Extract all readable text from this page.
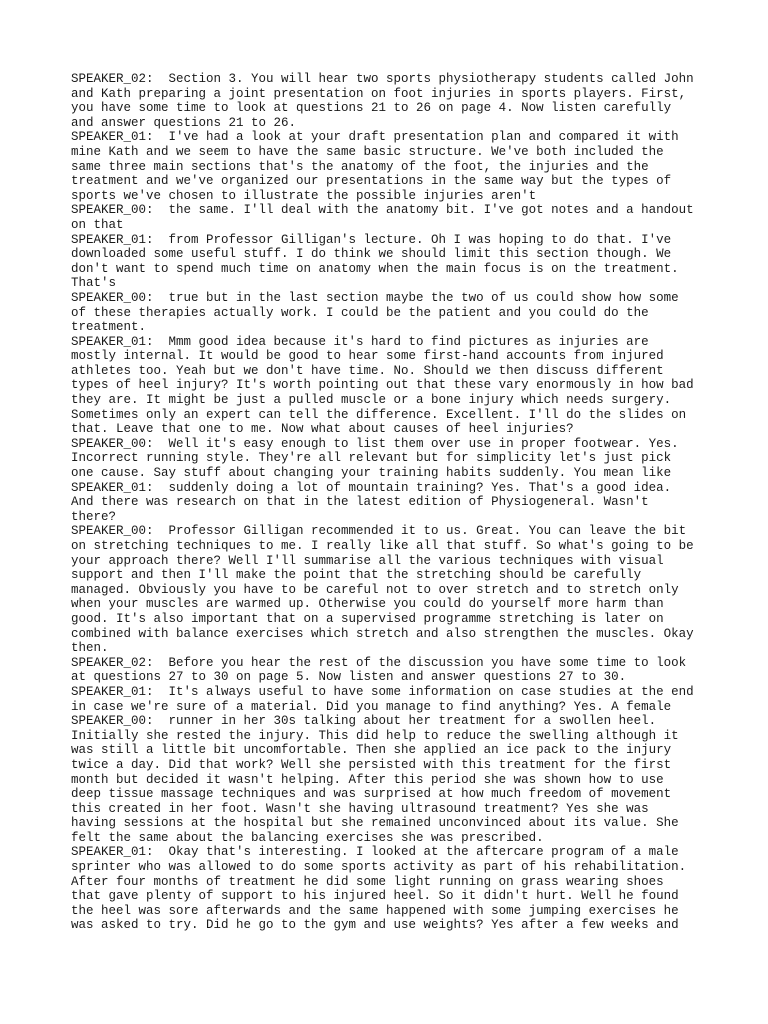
SPEAKER_02:  Section 3. You will hear two sports physiotherapy students called John
and Kath preparing a joint presentation on foot injuries in sports players. First,
you have some time to look at questions 21 to 26 on page 4. Now listen carefully
and answer questions 21 to 26.
SPEAKER_01:  I've had a look at your draft presentation plan and compared it with
mine Kath and we seem to have the same basic structure. We've both included the
same three main sections that's the anatomy of the foot, the injuries and the
treatment and we've organized our presentations in the same way but the types of
sports we've chosen to illustrate the possible injuries aren't
SPEAKER_00:  the same. I'll deal with the anatomy bit. I've got notes and a handout
on that
SPEAKER_01:  from Professor Gilligan's lecture. Oh I was hoping to do that. I've
downloaded some useful stuff. I do think we should limit this section though. We
don't want to spend much time on anatomy when the main focus is on the treatment.
That's
SPEAKER_00:  true but in the last section maybe the two of us could show how some
of these therapies actually work. I could be the patient and you could do the
treatment.
SPEAKER_01:  Mmm good idea because it's hard to find pictures as injuries are
mostly internal. It would be good to hear some first-hand accounts from injured
athletes too. Yeah but we don't have time. No. Should we then discuss different
types of heel injury? It's worth pointing out that these vary enormously in how bad
they are. It might be just a pulled muscle or a bone injury which needs surgery.
Sometimes only an expert can tell the difference. Excellent. I'll do the slides on
that. Leave that one to me. Now what about causes of heel injuries?
SPEAKER_00:  Well it's easy enough to list them over use in proper footwear. Yes.
Incorrect running style. They're all relevant but for simplicity let's just pick
one cause. Say stuff about changing your training habits suddenly. You mean like
SPEAKER_01:  suddenly doing a lot of mountain training? Yes. That's a good idea.
And there was research on that in the latest edition of Physiogeneral. Wasn't
there?
SPEAKER_00:  Professor Gilligan recommended it to us. Great. You can leave the bit
on stretching techniques to me. I really like all that stuff. So what's going to be
your approach there? Well I'll summarise all the various techniques with visual
support and then I'll make the point that the stretching should be carefully
managed. Obviously you have to be careful not to over stretch and to stretch only
when your muscles are warmed up. Otherwise you could do yourself more harm than
good. It's also important that on a supervised programme stretching is later on
combined with balance exercises which stretch and also strengthen the muscles. Okay
then.
SPEAKER_02:  Before you hear the rest of the discussion you have some time to look
at questions 27 to 30 on page 5. Now listen and answer questions 27 to 30.
SPEAKER_01:  It's always useful to have some information on case studies at the end
in case we're sure of a material. Did you manage to find anything? Yes. A female
SPEAKER_00:  runner in her 30s talking about her treatment for a swollen heel.
Initially she rested the injury. This did help to reduce the swelling although it
was still a little bit uncomfortable. Then she applied an ice pack to the injury
twice a day. Did that work? Well she persisted with this treatment for the first
month but decided it wasn't helping. After this period she was shown how to use
deep tissue massage techniques and was surprised at how much freedom of movement
this created in her foot. Wasn't she having ultrasound treatment? Yes she was
having sessions at the hospital but she remained unconvinced about its value. She
felt the same about the balancing exercises she was prescribed.
SPEAKER_01:  Okay that's interesting. I looked at the aftercare program of a male
sprinter who was allowed to do some sports activity as part of his rehabilitation.
After four months of treatment he did some light running on grass wearing shoes
that gave plenty of support to his injured heel. So it didn't hurt. Well he found
the heel was sore afterwards and the same happened with some jumping exercises he
was asked to try. Did he go to the gym and use weights? Yes after a few weeks and
